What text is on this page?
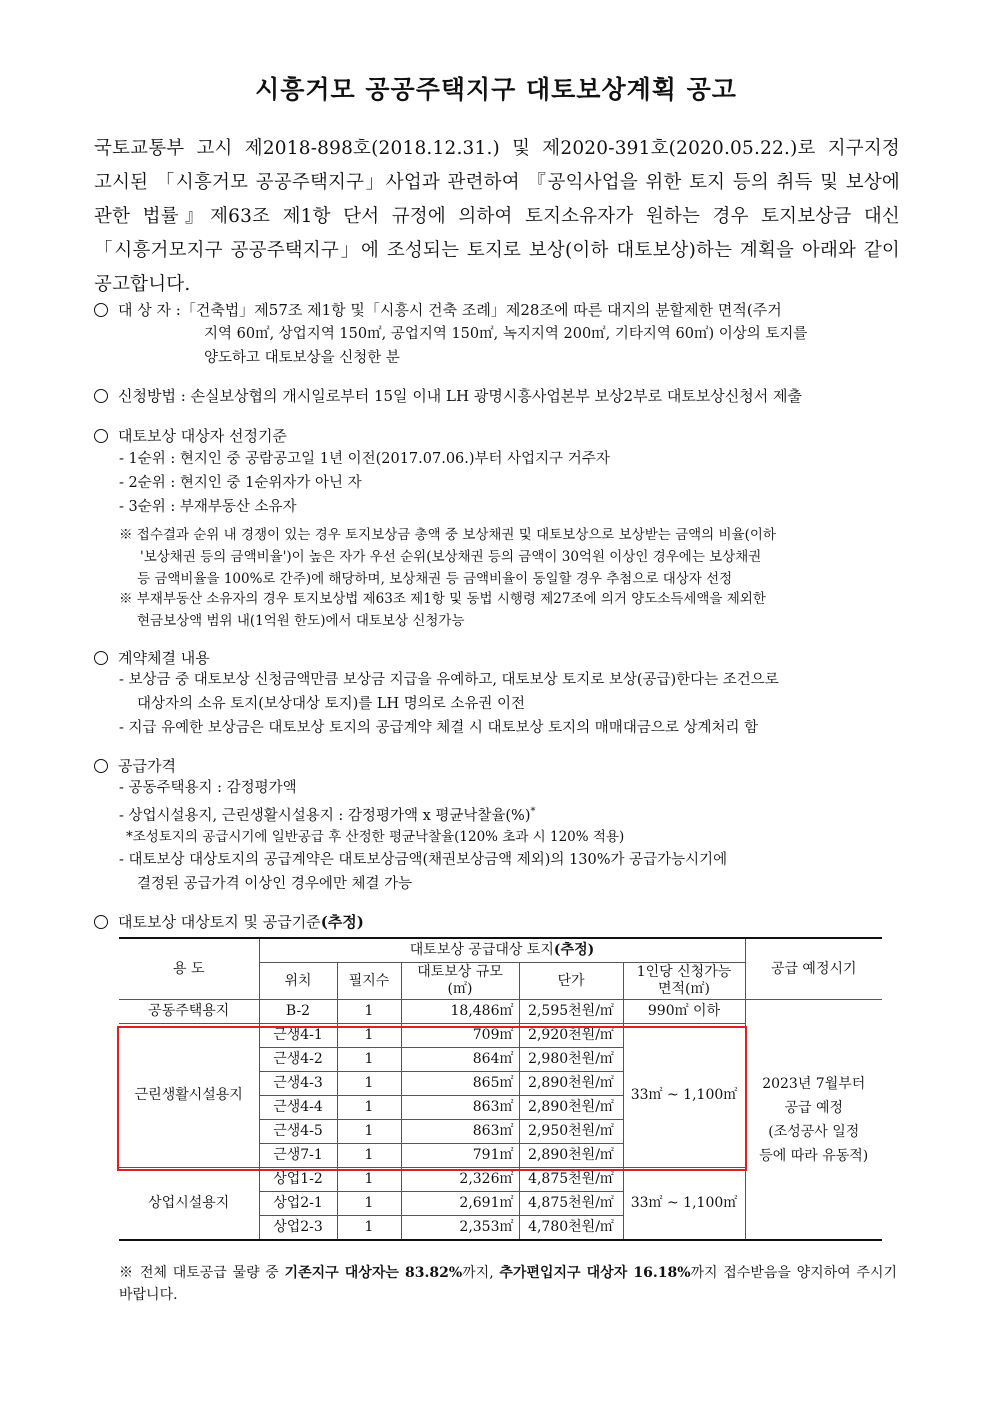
시흥거모 공공주택지구 대토보상계획 공고
국토교통부 고시 제2018-898호(2018.12.31.) 및 제2020-391호(2020.05.22.)로 지구지정 고시된 「시흥거모 공공주택지구」사업과 관련하여 『공익사업을 위한 토지 등의 취득 및 보상에 관한 법률』제63조 제1항 단서 규정에 의하여 토지소유자가 원하는 경우 토지보상금 대신 「시흥거모지구 공공주택지구」에 조성되는 토지로 보상(이하 대토보상)하는 계획을 아래와 같이 공고합니다.
대 상 자 :「건축법」제57조 제1항 및「시흥시 건축 조례」제28조에 따른 대지의 분할제한 면적(주거
지역 60㎡, 상업지역 150㎡, 공업지역 150㎡, 녹지지역 200㎡, 기타지역 60㎡) 이상의 토지를
양도하고 대토보상을 신청한 분
신청방법 : 손실보상협의 개시일로부터 15일 이내 LH 광명시흥사업본부 보상2부로 대토보상신청서 제출
대토보상 대상자 선정기준
- 1순위 : 현지인 중 공람공고일 1년 이전(2017.07.06.)부터 사업지구 거주자
- 2순위 : 현지인 중 1순위자가 아닌 자
- 3순위 : 부재부동산 소유자
※ 접수결과 순위 내 경쟁이 있는 경우 토지보상금 총액 중 보상채권 및 대토보상으로 보상받는 금액의 비율(이하
'보상채권 등의 금액비율')이 높은 자가 우선 순위(보상채권 등의 금액이 30억원 이상인 경우에는 보상채권
등 금액비율을 100%로 간주)에 해당하며, 보상채권 등 금액비율이 동일할 경우 추첨으로 대상자 선정
※ 부재부동산 소유자의 경우 토지보상법 제63조 제1항 및 동법 시행령 제27조에 의거 양도소득세액을 제외한
현금보상액 범위 내(1억원 한도)에서 대토보상 신청가능
계약체결 내용
- 보상금 중 대토보상 신청금액만큼 보상금 지급을 유예하고, 대토보상 토지로 보상(공급)한다는 조건으로
대상자의 소유 토지(보상대상 토지)를 LH 명의로 소유권 이전
- 지급 유예한 보상금은 대토보상 토지의 공급계약 체결 시 대토보상 토지의 매매대금으로 상계처리 함
공급가격
- 공동주택용지 : 감정평가액
- 상업시설용지, 근린생활시설용지 : 감정평가액 x 평균낙찰율(%)*
*조성토지의 공급시기에 일반공급 후 산정한 평균낙찰율(120% 초과 시 120% 적용)
- 대토보상 대상토지의 공급계약은 대토보상금액(채권보상금액 제외)의 130%가 공급가능시기에
결정된 공급가격 이상인 경우에만 체결 가능
대토보상 대상토지 및 공급기준(추정)
용 도	대토보상 공급대상 토지(추정)					공급 예정시기
	위치	필지수	대토보상 규모(㎡)	단가	1인당 신청가능 면적(㎡)	
공동주택용지	B-2	1	18,486㎡	2,595천원/㎡	990㎡ 이하	2023년 7월부터
공급 예정
(조성공사 일정
등에 따라 유동적)

근린생활시설용지	근생4-1	1	709㎡	2,920천원/㎡	33㎡ ~ 1,100㎡	
	근생4-2	1	864㎡	2,980천원/㎡		
	근생4-3	1	865㎡	2,890천원/㎡		
	근생4-4	1	863㎡	2,890천원/㎡		
	근생4-5	1	863㎡	2,950천원/㎡		
	근생7-1	1	791㎡	2,890천원/㎡		
상업시설용지	상업1-2	1	2,326㎡	4,875천원/㎡	33㎡ ~ 1,100㎡	
	상업2-1	1	2,691㎡	4,875천원/㎡		
	상업2-3	1	2,353㎡	4,780천원/㎡		
※ 전체 대토공급 물량 중 기존지구 대상자는 83.82%까지, 추가편입지구 대상자 16.18%까지 접수받음을 양지하여 주시기 바랍니다.
